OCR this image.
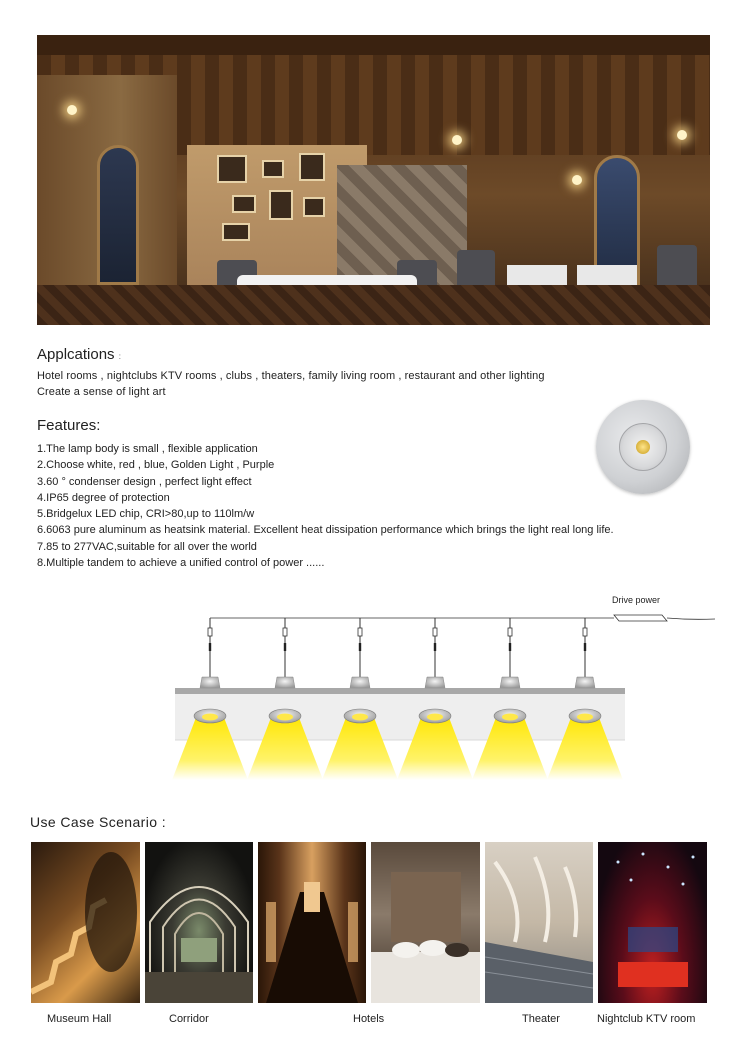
Applcations :
Hotel rooms , nightclubs KTV rooms , clubs , theaters, family living room , restaurant and other lighting
Create a sense of light art
Features:
1.The lamp body is small , flexible application
2.Choose white, red , blue, Golden Light , Purple
3.60 ° condenser design , perfect light effect
4.IP65 degree of protection
5.Bridgelux LED chip, CRI>80,up to 110lm/w
6.6063 pure aluminum as heatsink material. Excellent heat dissipation performance which brings the light real long life.
7.85 to 277VAC,suitable for all over the world
8.Multiple tandem to achieve a unified control of power ......
Drive power
Use Case Scenario :
Museum Hall	Corridor	Hotels	Theater	Nightclub KTV room
